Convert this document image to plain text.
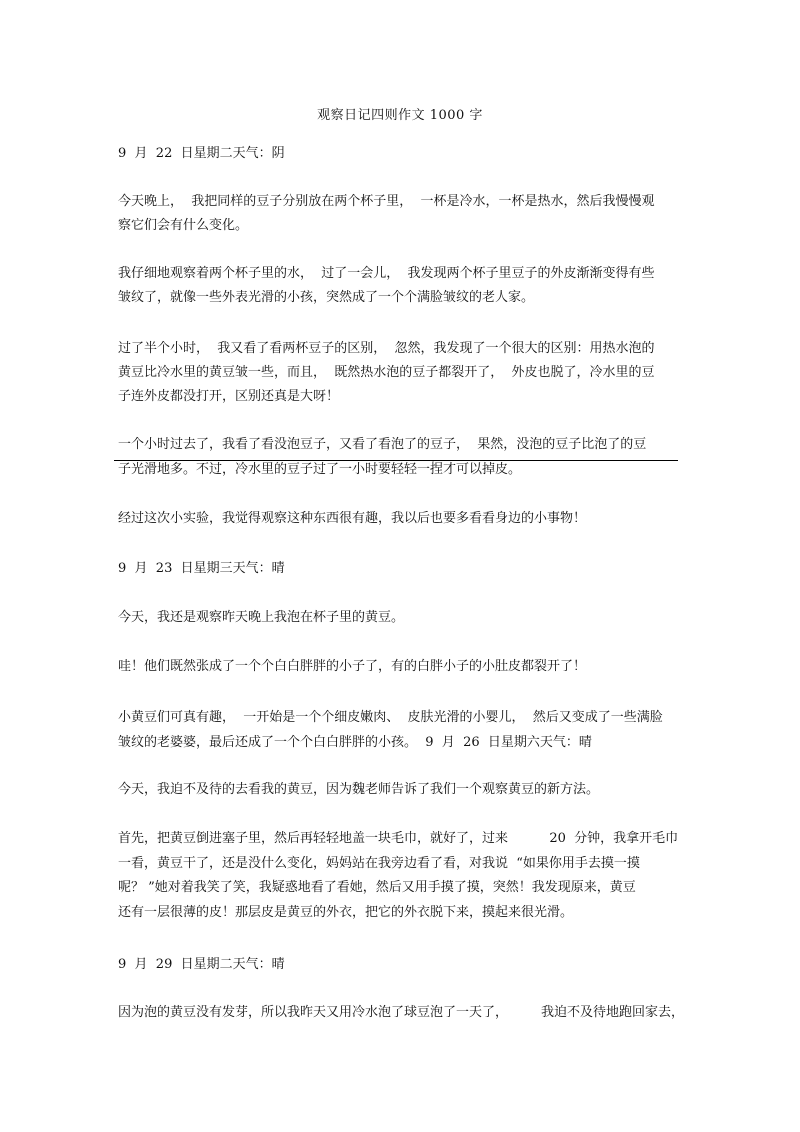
观察日记四则作文 1000 字
9  月  22  日星期二天气：阴
今天晚上，  我把同样的豆子分别放在两个杯子里，  一杯是冷水，一杯是热水，然后我慢慢观
察它们会有什么变化。
我仔细地观察着两个杯子里的水，  过了一会儿，  我发现两个杯子里豆子的外皮渐渐变得有些
皱纹了，就像一些外表光滑的小孩，突然成了一个个满脸皱纹的老人家。
过了半个小时，  我又看了看两杯豆子的区别，  忽然，我发现了一个很大的区别：用热水泡的
黄豆比冷水里的黄豆皱一些，而且，  既然热水泡的豆子都裂开了，  外皮也脱了，冷水里的豆
子连外皮都没打开，区别还真是大呀！
一个小时过去了，我看了看没泡豆子，又看了看泡了的豆子，  果然，没泡的豆子比泡了的豆
子光滑地多。不过，冷水里的豆子过了一小时要轻轻一捏才可以掉皮。
经过这次小实验，我觉得观察这种东西很有趣，我以后也要多看看身边的小事物！
9  月  23  日星期三天气：晴
今天，我还是观察昨天晚上我泡在杯子里的黄豆。
哇！他们既然张成了一个个白白胖胖的小子了，有的白胖小子的小肚皮都裂开了！
小黄豆们可真有趣，  一开始是一个个细皮嫩肉、  皮肤光滑的小婴儿，  然后又变成了一些满脸
皱纹的老婆婆，最后还成了一个个白白胖胖的小孩。  9  月  26  日星期六天气：晴
今天，我迫不及待的去看我的黄豆，因为魏老师告诉了我们一个观察黄豆的新方法。
首先，把黄豆倒进塞子里，然后再轻轻地盖一块毛巾，就好了，过来          20  分钟，我拿开毛巾
一看，黄豆干了，还是没什么变化，妈妈站在我旁边看了看，对我说  “如果你用手去摸一摸
呢？ ”她对着我笑了笑，我疑惑地看了看她，然后又用手摸了摸，突然！我发现原来，黄豆
还有一层很薄的皮！那层皮是黄豆的外衣，把它的外衣脱下来，摸起来很光滑。
9  月  29  日星期二天气：晴
因为泡的黄豆没有发芽，所以我昨天又用冷水泡了球豆泡了一天了，        我迫不及待地跑回家去，
